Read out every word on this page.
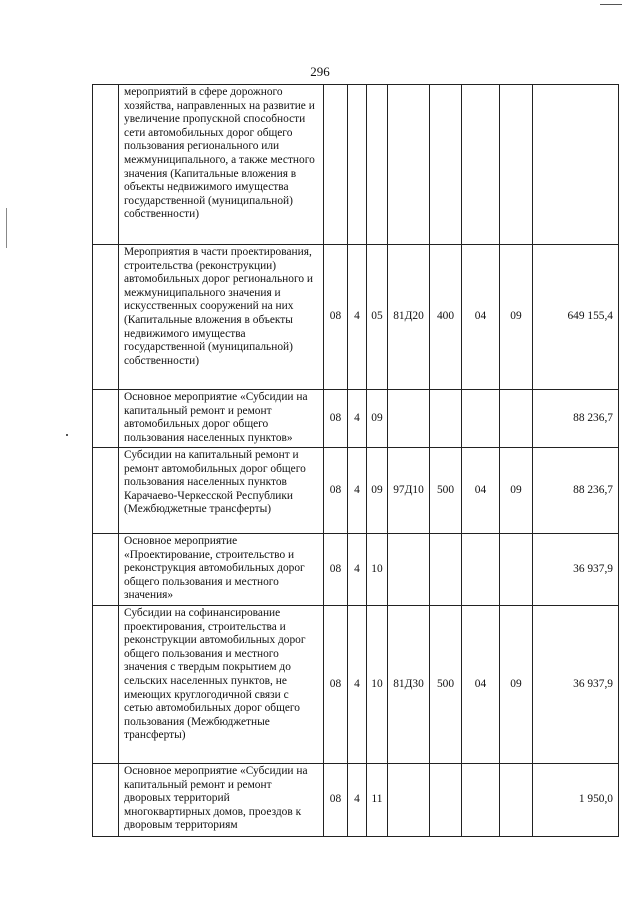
296
	мероприятий в сфере дорожного хозяйства, направленных на развитие и увеличение пропускной способности сети автомобильных дорог общего пользования регионального или межмуниципального, а также местного значения (Капитальные вложения в объекты недвижимого имущества государственной (муниципальной) собственности)								
	Мероприятия в части проектирования, строительства (реконструкции) автомобильных дорог регионального и межмуниципального значения и искусственных сооружений на них (Капитальные вложения в объекты недвижимого имущества государственной (муниципальной) собственности)	08	4	05	81Д20	400	04	09	649 155,4
	Основное мероприятие «Субсидии на капитальный ремонт и ремонт автомобильных дорог общего пользования населенных пунктов»	08	4	09					88 236,7
	Субсидии на капитальный ремонт и ремонт автомобильных дорог общего пользования населенных пунктов Карачаево-Черкесской Республики (Межбюджетные трансферты)	08	4	09	97Д10	500	04	09	88 236,7
	Основное мероприятие «Проектирование, строительство и реконструкция автомобильных дорог общего пользования и местного значения»	08	4	10					36 937,9
	Субсидии на софинансирование проектирования, строительства и реконструкции автомобильных дорог общего пользования и местного значения с твердым покрытием до сельских населенных пунктов, не имеющих круглогодичной связи с сетью автомобильных дорог общего пользования (Межбюджетные трансферты)	08	4	10	81Д30	500	04	09	36 937,9
	Основное мероприятие «Субсидии на капитальный ремонт и ремонт дворовых территорий многоквартирных домов, проездов к дворовым территориям	08	4	11					1 950,0
